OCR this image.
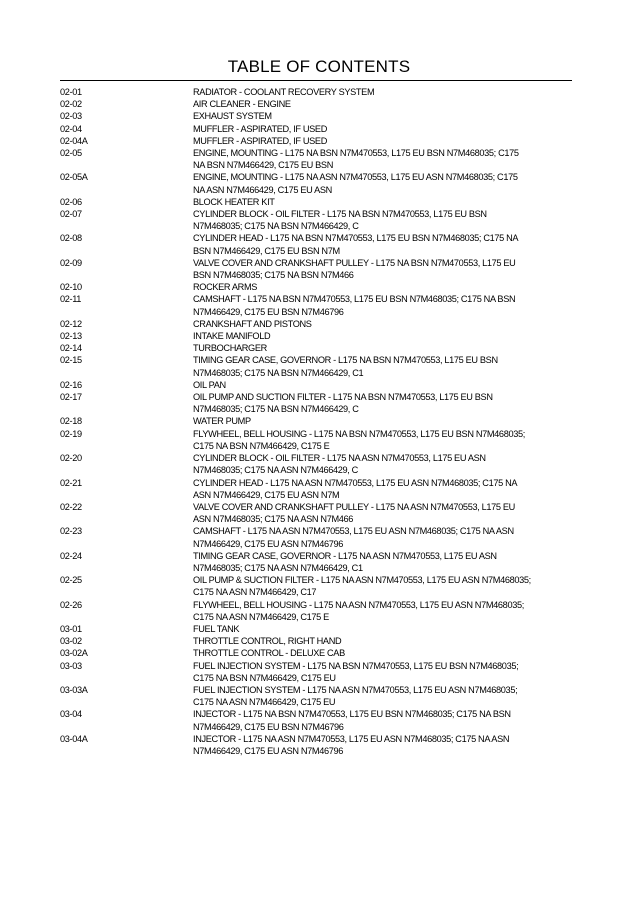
TABLE OF CONTENTS
02-01	RADIATOR - COOLANT RECOVERY SYSTEM
02-02	AIR CLEANER - ENGINE
02-03	EXHAUST SYSTEM
02-04	MUFFLER - ASPIRATED, IF USED
02-04A	MUFFLER - ASPIRATED, IF USED
02-05	ENGINE, MOUNTING - L175 NA BSN N7M470553, L175 EU BSN N7M468035; C175
NA BSN N7M466429, C175 EU BSN
02-05A	ENGINE, MOUNTING - L175 NA ASN N7M470553, L175 EU ASN N7M468035; C175
NA ASN N7M466429, C175 EU ASN
02-06	BLOCK HEATER KIT
02-07	CYLINDER BLOCK - OIL FILTER - L175 NA BSN N7M470553, L175 EU BSN
N7M468035; C175 NA BSN N7M466429, C
02-08	CYLINDER HEAD - L175 NA BSN N7M470553, L175 EU BSN N7M468035; C175 NA
BSN N7M466429, C175 EU BSN N7M
02-09	VALVE COVER AND CRANKSHAFT PULLEY - L175 NA BSN N7M470553, L175 EU
BSN N7M468035; C175 NA BSN N7M466
02-10	ROCKER ARMS
02-11	CAMSHAFT - L175 NA BSN N7M470553, L175 EU BSN N7M468035; C175 NA BSN
N7M466429, C175 EU BSN N7M46796
02-12	CRANKSHAFT AND PISTONS
02-13	INTAKE MANIFOLD
02-14	TURBOCHARGER
02-15	TIMING GEAR CASE, GOVERNOR - L175 NA BSN N7M470553, L175 EU BSN
N7M468035; C175 NA BSN N7M466429, C1
02-16	OIL PAN
02-17	OIL PUMP AND SUCTION FILTER - L175 NA BSN N7M470553, L175 EU BSN
N7M468035; C175 NA BSN N7M466429, C
02-18	WATER PUMP
02-19	FLYWHEEL, BELL HOUSING - L175 NA BSN N7M470553, L175 EU BSN N7M468035;
C175 NA BSN N7M466429, C175 E
02-20	CYLINDER BLOCK - OIL FILTER - L175 NA ASN N7M470553, L175 EU ASN
N7M468035; C175 NA ASN N7M466429, C
02-21	CYLINDER HEAD - L175 NA ASN N7M470553, L175 EU ASN N7M468035; C175 NA
ASN N7M466429, C175 EU ASN N7M
02-22	VALVE COVER AND CRANKSHAFT PULLEY - L175 NA ASN N7M470553, L175 EU
ASN N7M468035; C175 NA ASN N7M466
02-23	CAMSHAFT - L175 NA ASN N7M470553, L175 EU ASN N7M468035; C175 NA ASN
N7M466429, C175 EU ASN N7M46796
02-24	TIMING GEAR CASE, GOVERNOR - L175 NA ASN N7M470553, L175 EU ASN
N7M468035; C175 NA ASN N7M466429, C1
02-25	OIL PUMP & SUCTION FILTER - L175 NA ASN N7M470553, L175 EU ASN N7M468035;
C175 NA ASN N7M466429, C17
02-26	FLYWHEEL, BELL HOUSING - L175 NA ASN N7M470553, L175 EU ASN N7M468035;
C175 NA ASN N7M466429, C175 E
03-01	FUEL TANK
03-02	THROTTLE CONTROL, RIGHT HAND
03-02A	THROTTLE CONTROL - DELUXE CAB
03-03	FUEL INJECTION SYSTEM - L175 NA BSN N7M470553, L175 EU BSN N7M468035;
C175 NA BSN N7M466429, C175 EU
03-03A	FUEL INJECTION SYSTEM - L175 NA ASN N7M470553, L175 EU ASN N7M468035;
C175 NA ASN N7M466429, C175 EU
03-04	INJECTOR - L175 NA BSN N7M470553, L175 EU BSN N7M468035; C175 NA BSN
N7M466429, C175 EU BSN N7M46796
03-04A	INJECTOR - L175 NA ASN N7M470553, L175 EU ASN N7M468035; C175 NA ASN
N7M466429, C175 EU ASN N7M46796
